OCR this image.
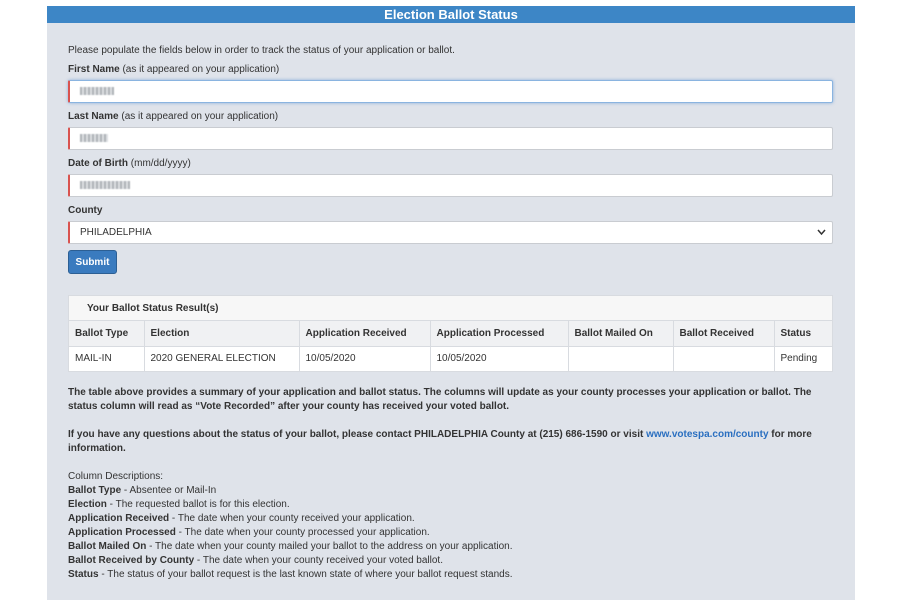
Election Ballot Status
Please populate the fields below in order to track the status of your application or ballot.
First Name (as it appeared on your application)
Last Name (as it appeared on your application)
Date of Birth (mm/dd/yyyy)
County
PHILADELPHIA
Submit
Your Ballot Status Result(s)
Ballot Type	Election	Application Received	Application Processed	Ballot Mailed On	Ballot Received	Status
MAIL-IN	2020 GENERAL ELECTION	10/05/2020	10/05/2020			Pending
The table above provides a summary of your application and ballot status. The columns will update as your county processes your application or ballot. The status column will read as “Vote Recorded” after your county has received your voted ballot.
If you have any questions about the status of your ballot, please contact PHILADELPHIA County at (215) 686-1590 or visit www.votespa.com/county for more information.
Column Descriptions:
Ballot Type - Absentee or Mail-In
Election - The requested ballot is for this election.
Application Received - The date when your county received your application.
Application Processed - The date when your county processed your application.
Ballot Mailed On - The date when your county mailed your ballot to the address on your application.
Ballot Received by County - The date when your county received your voted ballot.
Status - The status of your ballot request is the last known state of where your ballot request stands.
